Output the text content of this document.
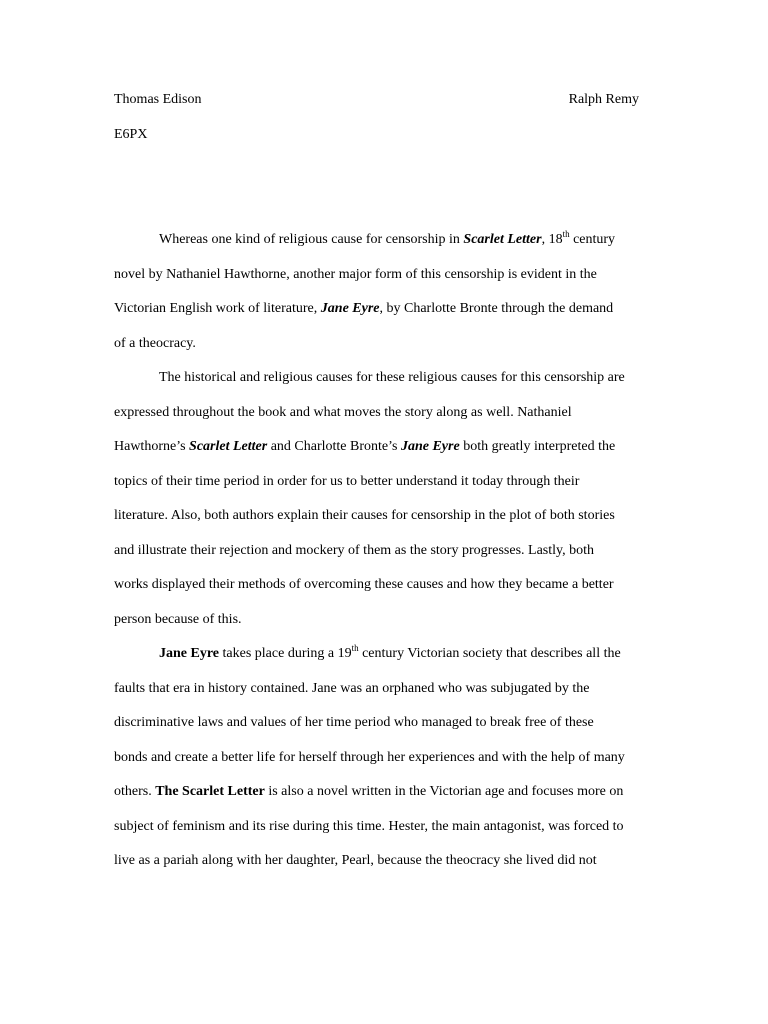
Thomas Edison	Ralph Remy
E6PX
Whereas one kind of religious cause for censorship in Scarlet Letter, 18th century
novel by Nathaniel Hawthorne, another major form of this censorship is evident in the
Victorian English work of literature, Jane Eyre, by Charlotte Bronte through the demand
of a theocracy.
The historical and religious causes for these religious causes for this censorship are
expressed throughout the book and what moves the story along as well. Nathaniel
Hawthorne’s Scarlet Letter and Charlotte Bronte’s Jane Eyre both greatly interpreted the
topics of their time period in order for us to better understand it today through their
literature. Also, both authors explain their causes for censorship in the plot of both stories
and illustrate their rejection and mockery of them as the story progresses. Lastly, both
works displayed their methods of overcoming these causes and how they became a better
person because of this.
Jane Eyre takes place during a 19th century Victorian society that describes all the
faults that era in history contained. Jane was an orphaned who was subjugated by the
discriminative laws and values of her time period who managed to break free of these
bonds and create a better life for herself through her experiences and with the help of many
others. The Scarlet Letter is also a novel written in the Victorian age and focuses more on
subject of feminism and its rise during this time. Hester, the main antagonist, was forced to
live as a pariah along with her daughter, Pearl, because the theocracy she lived did not
